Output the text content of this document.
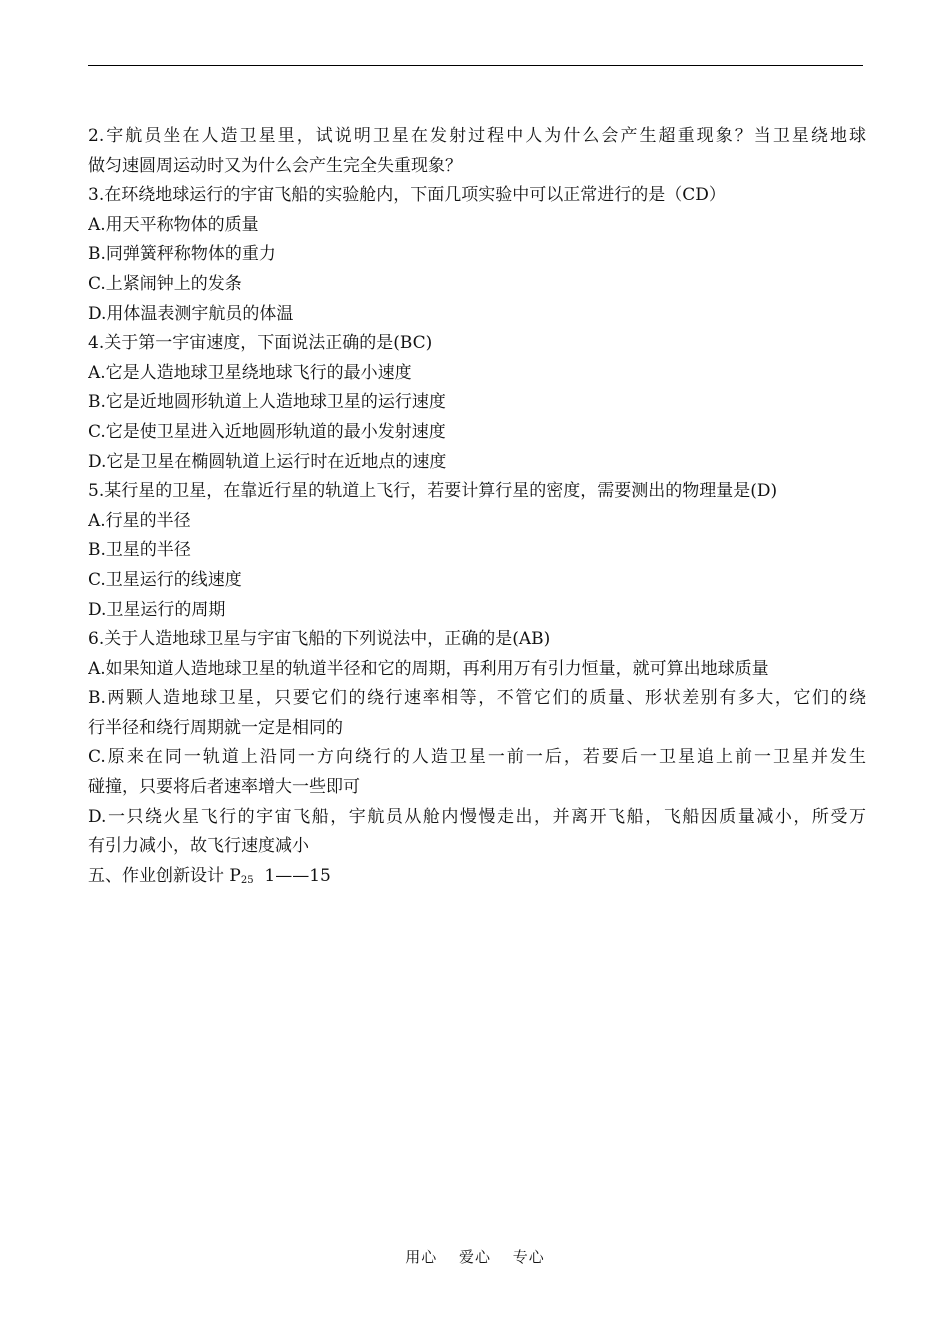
2.宇航员坐在人造卫星里，试说明卫星在发射过程中人为什么会产生超重现象？当卫星绕地球
做匀速圆周运动时又为什么会产生完全失重现象？
3.在环绕地球运行的宇宙飞船的实验舱内，下面几项实验中可以正常进行的是（CD）
A.用天平称物体的质量
B.同弹簧秤称物体的重力
C.上紧闹钟上的发条
D.用体温表测宇航员的体温
4.关于第一宇宙速度，下面说法正确的是(BC)
A.它是人造地球卫星绕地球飞行的最小速度
B.它是近地圆形轨道上人造地球卫星的运行速度
C.它是使卫星进入近地圆形轨道的最小发射速度
D.它是卫星在椭圆轨道上运行时在近地点的速度
5.某行星的卫星，在靠近行星的轨道上飞行，若要计算行星的密度，需要测出的物理量是(D)
A.行星的半径
B.卫星的半径
C.卫星运行的线速度
D.卫星运行的周期
6.关于人造地球卫星与宇宙飞船的下列说法中，正确的是(AB)
A.如果知道人造地球卫星的轨道半径和它的周期，再利用万有引力恒量，就可算出地球质量
B.两颗人造地球卫星，只要它们的绕行速率相等，不管它们的质量、形状差别有多大，它们的绕
行半径和绕行周期就一定是相同的
C.原来在同一轨道上沿同一方向绕行的人造卫星一前一后，若要后一卫星追上前一卫星并发生
碰撞，只要将后者速率增大一些即可
D.一只绕火星飞行的宇宙飞船，宇航员从舱内慢慢走出，并离开飞船，飞船因质量减小，所受万
有引力减小，故飞行速度减小
五、作业创新设计 $P_{25}$  1——15
用心 爱心 专心
